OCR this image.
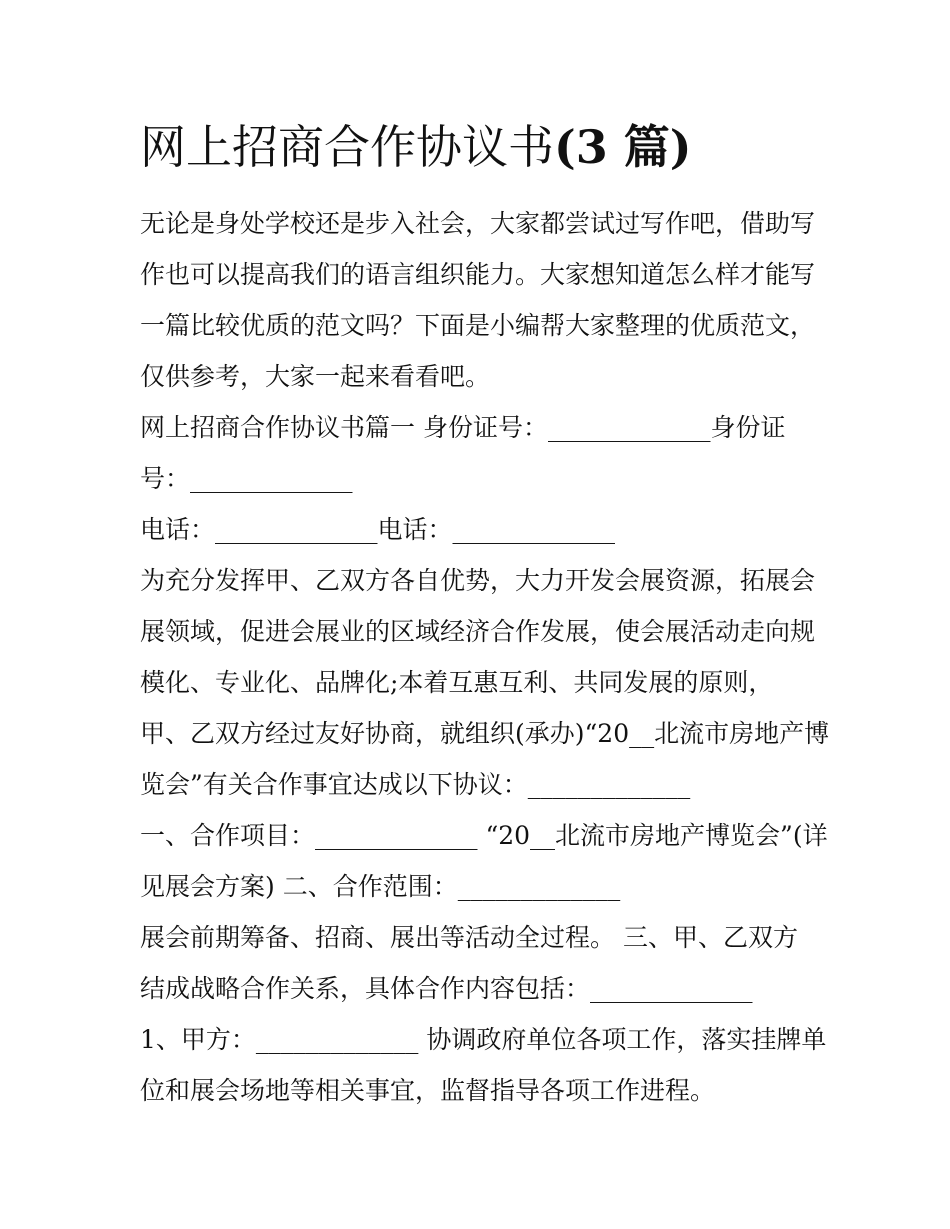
网上招商合作协议书(3 篇)

无论是身处学校还是步入社会，大家都尝试过写作吧，借助写

作也可以提高我们的语言组织能力。大家想知道怎么样才能写

一篇比较优质的范文吗？下面是小编帮大家整理的优质范文，

仅供参考，大家一起来看看吧。

网上招商合作协议书篇一 身份证号：_____________身份证

号：_____________

电话：_____________电话：_____________

为充分发挥甲、乙双方各自优势，大力开发会展资源，拓展会

展领域，促进会展业的区域经济合作发展，使会展活动走向规

模化、专业化、品牌化;本着互惠互利、共同发展的原则，

甲、乙双方经过友好协商，就组织(承办)“20__北流市房地产博

览会”有关合作事宜达成以下协议：_____________

一、合作项目：_____________ “20__北流市房地产博览会”(详

见展会方案) 二、合作范围：_____________

展会前期筹备、招商、展出等活动全过程。 三、甲、乙双方

结成战略合作关系，具体合作内容包括：_____________

1、甲方：_____________ 协调政府单位各项工作，落实挂牌单

位和展会场地等相关事宜，监督指导各项工作进程。
